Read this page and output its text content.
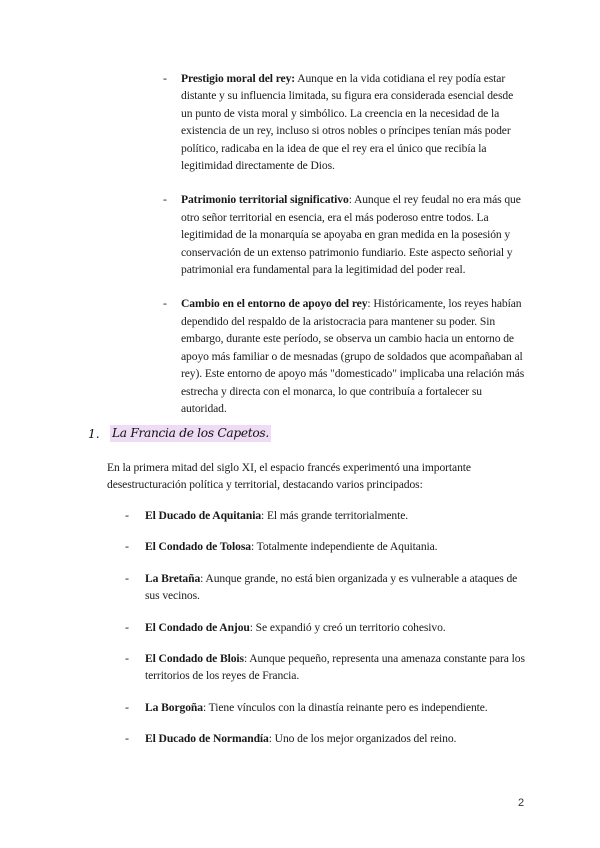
- Prestigio moral del rey: Aunque en la vida cotidiana el rey podía estar distante y su influencia limitada, su figura era considerada esencial desde un punto de vista moral y simbólico. La creencia en la necesidad de la existencia de un rey, incluso si otros nobles o príncipes tenían más poder político, radicaba en la idea de que el rey era el único que recibía la legitimidad directamente de Dios.
- Patrimonio territorial significativo: Aunque el rey feudal no era más que otro señor territorial en esencia, era el más poderoso entre todos. La legitimidad de la monarquía se apoyaba en gran medida en la posesión y conservación de un extenso patrimonio fundiario. Este aspecto señorial y patrimonial era fundamental para la legitimidad del poder real.
- Cambio en el entorno de apoyo del rey: Históricamente, los reyes habían dependido del respaldo de la aristocracia para mantener su poder. Sin embargo, durante este período, se observa un cambio hacia un entorno de apoyo más familiar o de mesnadas (grupo de soldados que acompañaban al rey). Este entorno de apoyo más "domesticado" implicaba una relación más estrecha y directa con el monarca, lo que contribuía a fortalecer su autoridad.
1.	La Francia de los Capetos.
En la primera mitad del siglo XI, el espacio francés experimentó una importante desestructuración política y territorial, destacando varios principados:
- El Ducado de Aquitania: El más grande territorialmente.
- El Condado de Tolosa: Totalmente independiente de Aquitania.
- La Bretaña: Aunque grande, no está bien organizada y es vulnerable a ataques de sus vecinos.
- El Condado de Anjou: Se expandió y creó un territorio cohesivo.
- El Condado de Blois: Aunque pequeño, representa una amenaza constante para los territorios de los reyes de Francia.
- La Borgoña: Tiene vínculos con la dinastía reinante pero es independiente.
- El Ducado de Normandía: Uno de los mejor organizados del reino.
2
